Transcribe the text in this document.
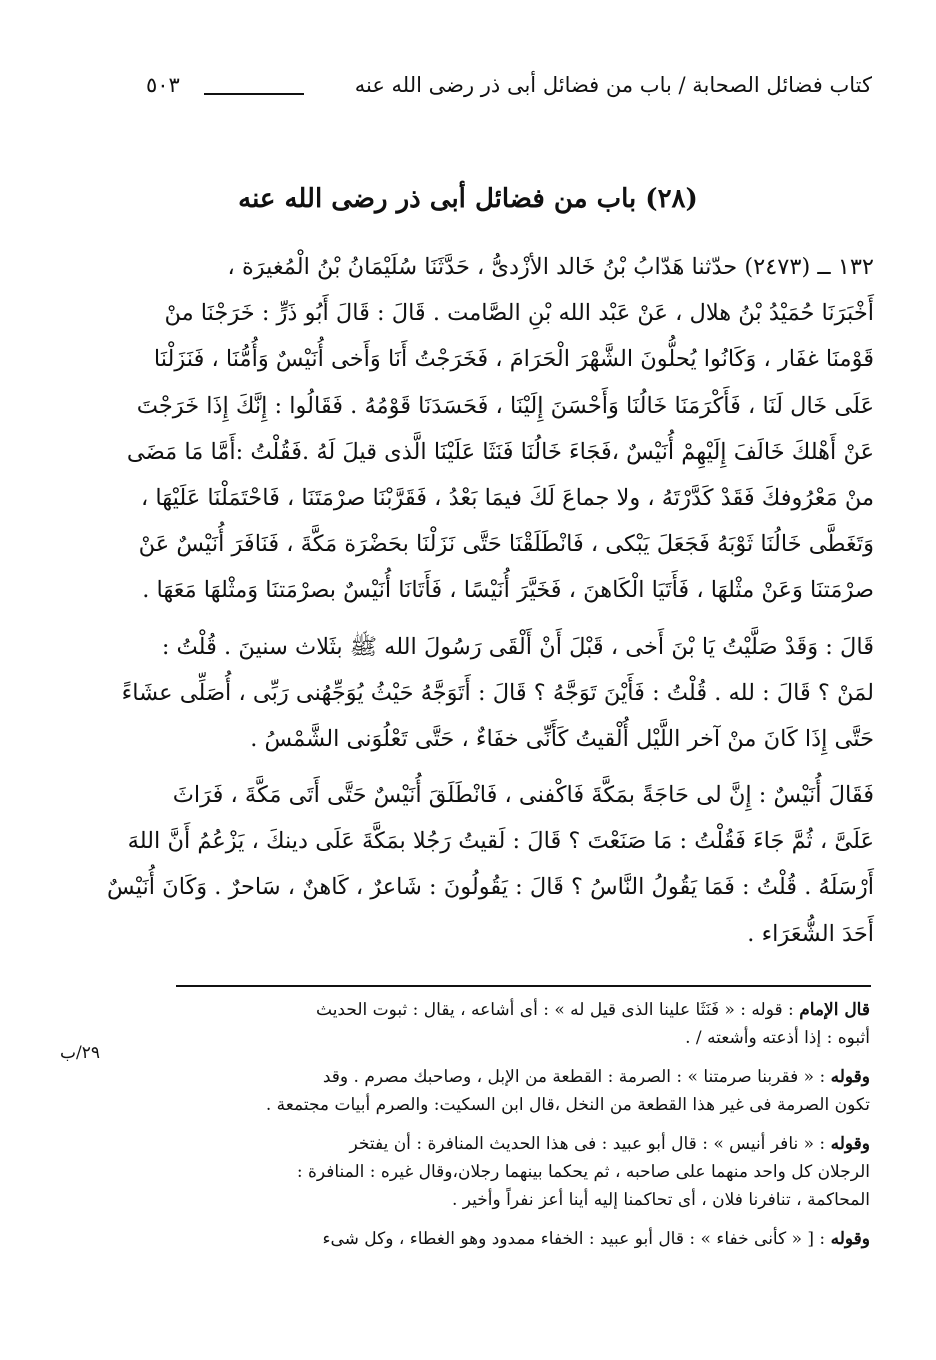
كتاب فضائل الصحابة / باب من فضائل أبى ذر رضى الله عنه
٥٠٣
(٢٨) باب من فضائل أبى ذر رضى الله عنه
١٣٢ ــ (٢٤٧٣) حدّثنا هَدّابُ بْنُ خَالد الأزْدىُّ ، حَدَّثَنَا سُلَيْمَانُ بْنُ الْمُغيرَة ،
أَخْبَرَنَا حُمَيْدُ بْنُ هلال ، عَنْ عَبْد الله بْنِ الصَّامت . قَالَ : قَالَ أَبُو ذَرٍّ : خَرَجْنَا منْ
قَوْمنَا غفَار ، وَكَانُوا يُحلُّونَ الشَّهْرَ الْحَرَامَ ، فَخَرَجْتُ أَنَا وَأَخى أُنَيْسٌ وَأُمُّنَا ، فَنَزَلْنَا
عَلَى خَال لَنَا ، فَأَكْرَمَنَا خَالُنَا وَأَحْسَنَ إِلَيْنَا ، فَحَسَدَنَا قَوْمُهُ . فَقَالُوا : إِنَّكَ إِذَا خَرَجْتَ
عَنْ أَهْلكَ خَالَفَ إِلَيْهِمْ أُنَيْسٌ ،فَجَاءَ خَالُنَا فَنَثَا عَلَيْنَا الَّذى قيلَ لَهُ .فَقُلْتُ :أَمَّا مَا مَضَى
منْ مَعْرُوفكَ فَقَدْ كَدَّرْتَهُ ، ولا جماعَ لَكَ فيمَا بَعْدُ ، فَقَرَّبْنَا صرْمَتَنَا ، فَاحْتَمَلْنَا عَلَيْهَا ،
وَتَغَطَّى خَالُنَا ثَوْبَهُ فَجَعَلَ يَبْكى ، فَانْطَلَقْنَا حَتَّى نَزَلْنَا بحَضْرَة مَكَّةَ ، فَنَافَرَ أُنَيْسٌ عَنْ
صرْمَتنَا وَعَنْ مثْلهَا ، فَأَتَيَا الْكَاهنَ ، فَخَيَّرَ أُنَيْسًا ، فَأَتَانَا أُنَيْسٌ بصرْمَتنَا وَمثْلهَا مَعَهَا .
قَالَ : وَقَدْ صَلَّيْتُ يَا بْنَ أَخى ، قَبْلَ أَنْ أَلْقَى رَسُولَ الله ﷺ بثَلاث سنينَ . قُلْتُ :
لمَنْ ؟ قَالَ : لله . قُلْتُ : فَأَيْنَ تَوَجَّهُ ؟ قَالَ : أَتَوَجَّهُ حَيْثُ يُوَجِّهُنى رَبِّى ، أُصَلِّى عشَاءً
حَتَّى إِذَا كَانَ منْ آخر اللَّيْل أُلْقيتُ كَأَنِّى خفَاءٌ ، حَتَّى تَعْلُوَنى الشَّمْسُ .
فَقَالَ أُنَيْسٌ : إِنَّ لى حَاجَةً بمَكَّةَ فَاكْفنى ، فَانْطَلَقَ أُنَيْسٌ حَتَّى أَتَى مَكَّةَ ، فَرَاثَ
عَلَىَّ ، ثُمَّ جَاءَ فَقُلْتُ : مَا صَنَعْتَ ؟ قَالَ : لَقيتُ رَجُلا بمَكَّةَ عَلَى دينكَ ، يَزْعُمُ أَنَّ اللهَ
أَرْسَلَهُ . قُلْتُ : فَمَا يَقُولُ النَّاسُ ؟ قَالَ : يَقُولُونَ : شَاعرٌ ، كَاهنٌ ، سَاحرٌ . وَكَانَ أُنَيْسٌ
أَحَدَ الشُّعَرَاء .
٢٩/ب
قال الإمام : قوله : « فَنَثَا علينا الذى قيل له » : أى أشاعه ، يقال : ثبوت الحديث
أثبوه : إذا أذعته وأشعته / .
وقوله : « فقربنا صرمتنا » : الصرمة : القطعة من الإبل ، وصاحبك مصرم . وقد
تكون الصرمة فى غير هذا القطعة من النخل ،قال ابن السكيت: والصرم أبيات مجتمعة .
وقوله : « نافر أنيس » : قال أبو عبيد : فى هذا الحديث المنافرة : أن يفتخر
الرجلان كل واحد منهما على صاحبه ، ثم يحكما بينهما رجلان،وقال غيره : المنافرة :
المحاكمة ، تنافرنا فلان ، أى تحاكمنا إليه أينا أعز نفراً وأخير .
وقوله : [ « كأنى خفاء » : قال أبو عبيد : الخفاء ممدود وهو الغطاء ، وكل شىء
